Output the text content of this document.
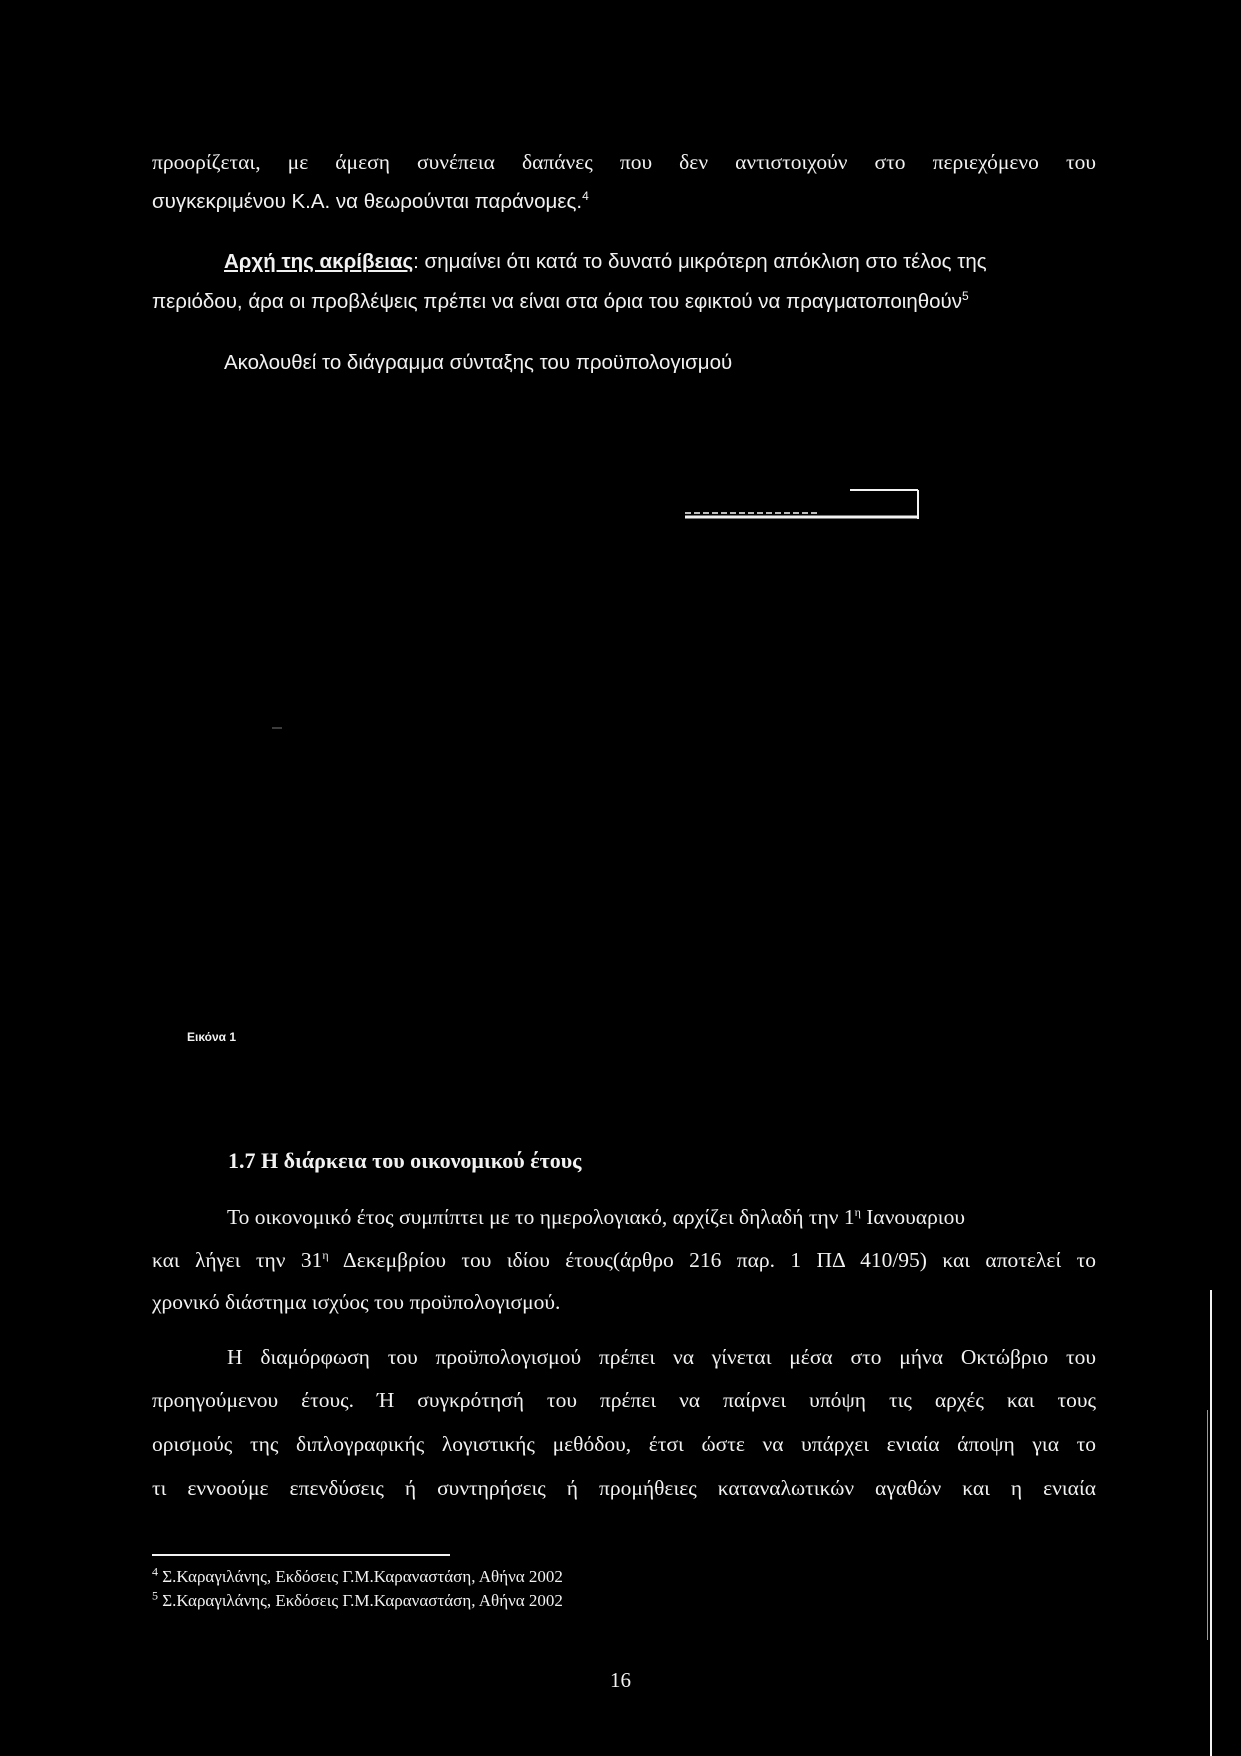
προορίζεται, με άμεση συνέπεια δαπάνες που δεν αντιστοιχούν στο περιεχόμενο του
συγκεκριμένου Κ.Α. να θεωρούνται παράνομες.$^4$
Αρχή της ακρίβειας: σημαίνει ότι κατά το δυνατό μικρότερη απόκλιση στο τέλος της
περιόδου, άρα οι προβλέψεις πρέπει να είναι στα όρια του εφικτού να πραγματοποιηθούν$^5$
Ακολουθεί το διάγραμμα σύνταξης του προϋπολογισμού
Εικόνα 1
1.7 Η διάρκεια του οικονομικού έτους
Το οικονομικό έτος συμπίπτει με το ημερολογιακό, αρχίζει δηλαδή την $1^\eta$ Ιανουαριου
και λήγει την $31^\eta$ Δεκεμβρίου του ιδίου έτους(άρθρο 216 παρ. 1 ΠΔ 410/95) και αποτελεί το
χρονικό διάστημα ισχύος του προϋπολογισμού.
Η διαμόρφωση του προϋπολογισμού πρέπει να γίνεται μέσα στο μήνα Οκτώβριο του
προηγούμενου έτους. Ή συγκρότησή του πρέπει να παίρνει υπόψη τις αρχές και τους
ορισμούς της διπλογραφικής λογιστικής μεθόδου, έτσι ώστε να υπάρχει ενιαία άποψη για το
τι εννοούμε επενδύσεις ή συντηρήσεις ή προμήθειες καταναλωτικών αγαθών και η ενιαία
$^4$ Σ.Καραγιλάνης, Εκδόσεις Γ.Μ.Καραναστάση, Αθήνα 2002
$^5$ Σ.Καραγιλάνης, Εκδόσεις Γ.Μ.Καραναστάση, Αθήνα 2002
16
